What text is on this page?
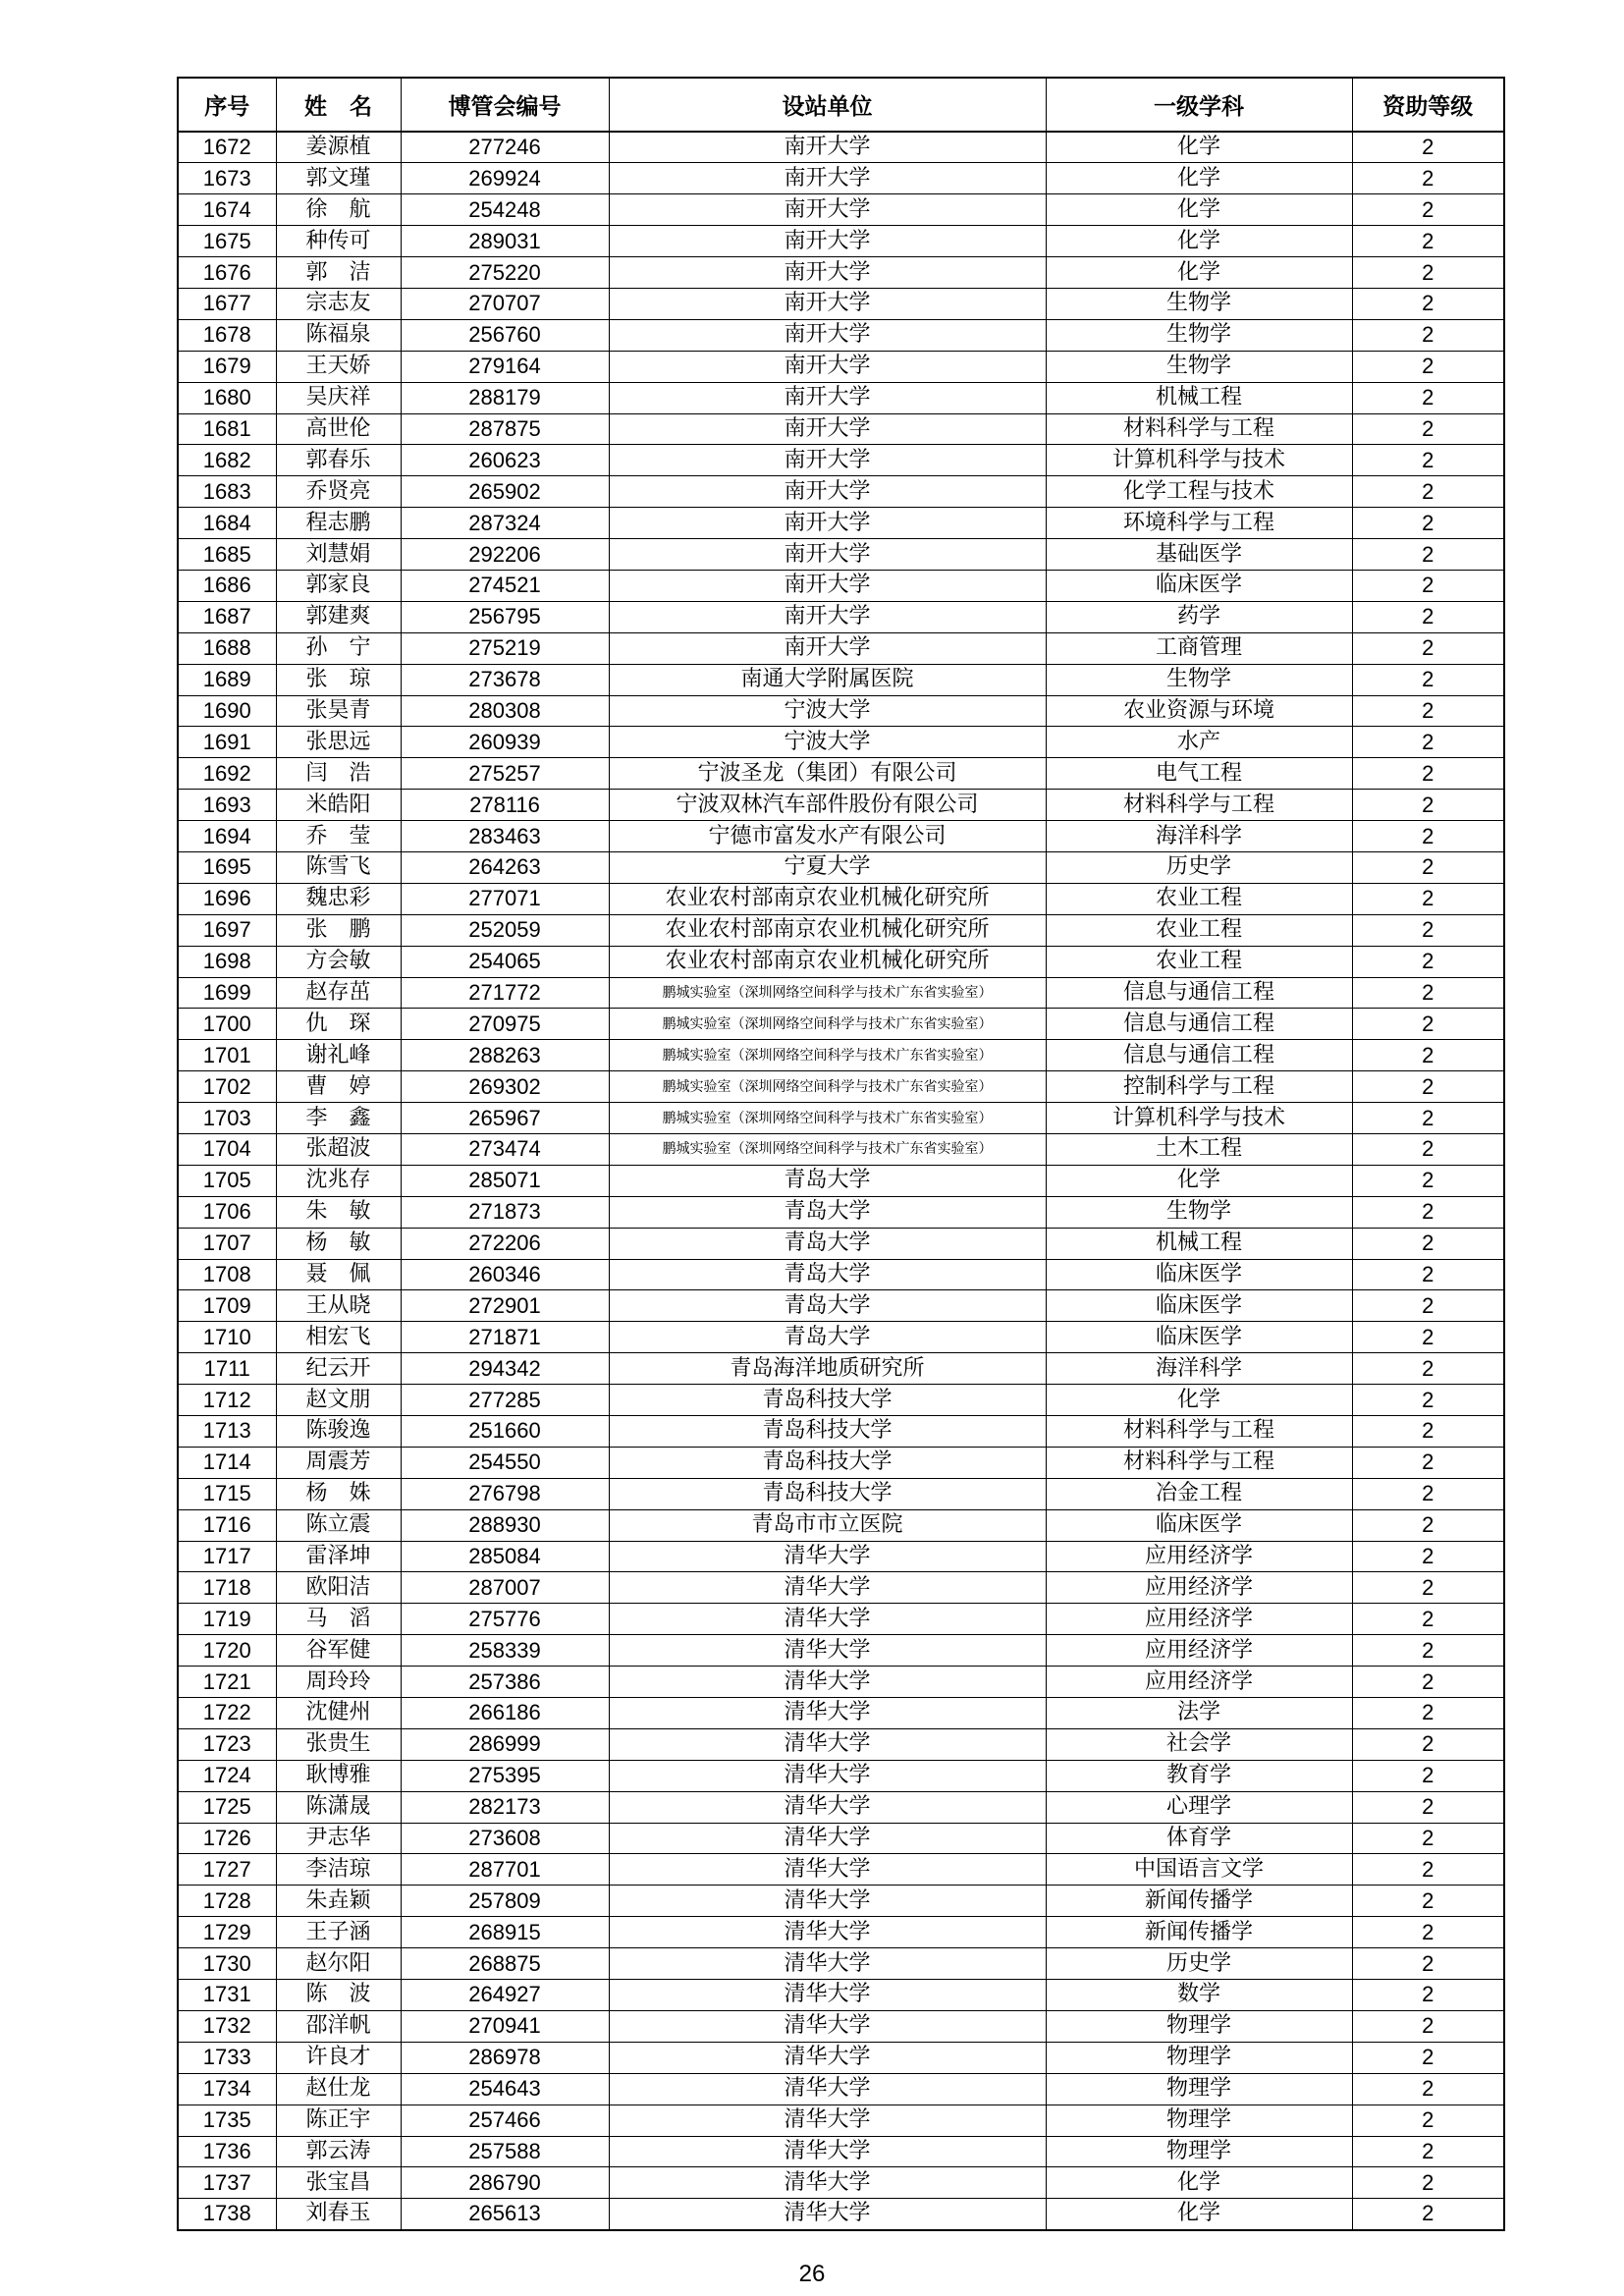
序号	姓　名	博管会编号	设站单位	一级学科	资助等级
1672	姜源植	277246	南开大学	化学	2
1673	郭文瑾	269924	南开大学	化学	2
1674	徐　航	254248	南开大学	化学	2
1675	种传可	289031	南开大学	化学	2
1676	郭　洁	275220	南开大学	化学	2
1677	宗志友	270707	南开大学	生物学	2
1678	陈福泉	256760	南开大学	生物学	2
1679	王天娇	279164	南开大学	生物学	2
1680	吴庆祥	288179	南开大学	机械工程	2
1681	高世伦	287875	南开大学	材料科学与工程	2
1682	郭春乐	260623	南开大学	计算机科学与技术	2
1683	乔贤亮	265902	南开大学	化学工程与技术	2
1684	程志鹏	287324	南开大学	环境科学与工程	2
1685	刘慧娟	292206	南开大学	基础医学	2
1686	郭家良	274521	南开大学	临床医学	2
1687	郭建爽	256795	南开大学	药学	2
1688	孙　宁	275219	南开大学	工商管理	2
1689	张　琼	273678	南通大学附属医院	生物学	2
1690	张昊青	280308	宁波大学	农业资源与环境	2
1691	张思远	260939	宁波大学	水产	2
1692	闫　浩	275257	宁波圣龙（集团）有限公司	电气工程	2
1693	米皓阳	278116	宁波双林汽车部件股份有限公司	材料科学与工程	2
1694	乔　莹	283463	宁德市富发水产有限公司	海洋科学	2
1695	陈雪飞	264263	宁夏大学	历史学	2
1696	魏忠彩	277071	农业农村部南京农业机械化研究所	农业工程	2
1697	张　鹏	252059	农业农村部南京农业机械化研究所	农业工程	2
1698	方会敏	254065	农业农村部南京农业机械化研究所	农业工程	2
1699	赵存茁	271772	鹏城实验室（深圳网络空间科学与技术广东省实验室）	信息与通信工程	2
1700	仇　琛	270975	鹏城实验室（深圳网络空间科学与技术广东省实验室）	信息与通信工程	2
1701	谢礼峰	288263	鹏城实验室（深圳网络空间科学与技术广东省实验室）	信息与通信工程	2
1702	曹　婷	269302	鹏城实验室（深圳网络空间科学与技术广东省实验室）	控制科学与工程	2
1703	李　鑫	265967	鹏城实验室（深圳网络空间科学与技术广东省实验室）	计算机科学与技术	2
1704	张超波	273474	鹏城实验室（深圳网络空间科学与技术广东省实验室）	土木工程	2
1705	沈兆存	285071	青岛大学	化学	2
1706	朱　敏	271873	青岛大学	生物学	2
1707	杨　敏	272206	青岛大学	机械工程	2
1708	聂　佩	260346	青岛大学	临床医学	2
1709	王从晓	272901	青岛大学	临床医学	2
1710	相宏飞	271871	青岛大学	临床医学	2
1711	纪云开	294342	青岛海洋地质研究所	海洋科学	2
1712	赵文朋	277285	青岛科技大学	化学	2
1713	陈骏逸	251660	青岛科技大学	材料科学与工程	2
1714	周震芳	254550	青岛科技大学	材料科学与工程	2
1715	杨　姝	276798	青岛科技大学	冶金工程	2
1716	陈立震	288930	青岛市市立医院	临床医学	2
1717	雷泽坤	285084	清华大学	应用经济学	2
1718	欧阳洁	287007	清华大学	应用经济学	2
1719	马　滔	275776	清华大学	应用经济学	2
1720	谷军健	258339	清华大学	应用经济学	2
1721	周玲玲	257386	清华大学	应用经济学	2
1722	沈健州	266186	清华大学	法学	2
1723	张贵生	286999	清华大学	社会学	2
1724	耿博雅	275395	清华大学	教育学	2
1725	陈潇晟	282173	清华大学	心理学	2
1726	尹志华	273608	清华大学	体育学	2
1727	李洁琼	287701	清华大学	中国语言文学	2
1728	朱垚颖	257809	清华大学	新闻传播学	2
1729	王子涵	268915	清华大学	新闻传播学	2
1730	赵尔阳	268875	清华大学	历史学	2
1731	陈　波	264927	清华大学	数学	2
1732	邵洋帆	270941	清华大学	物理学	2
1733	许良才	286978	清华大学	物理学	2
1734	赵仕龙	254643	清华大学	物理学	2
1735	陈正宇	257466	清华大学	物理学	2
1736	郭云涛	257588	清华大学	物理学	2
1737	张宝昌	286790	清华大学	化学	2
1738	刘春玉	265613	清华大学	化学	2
26
